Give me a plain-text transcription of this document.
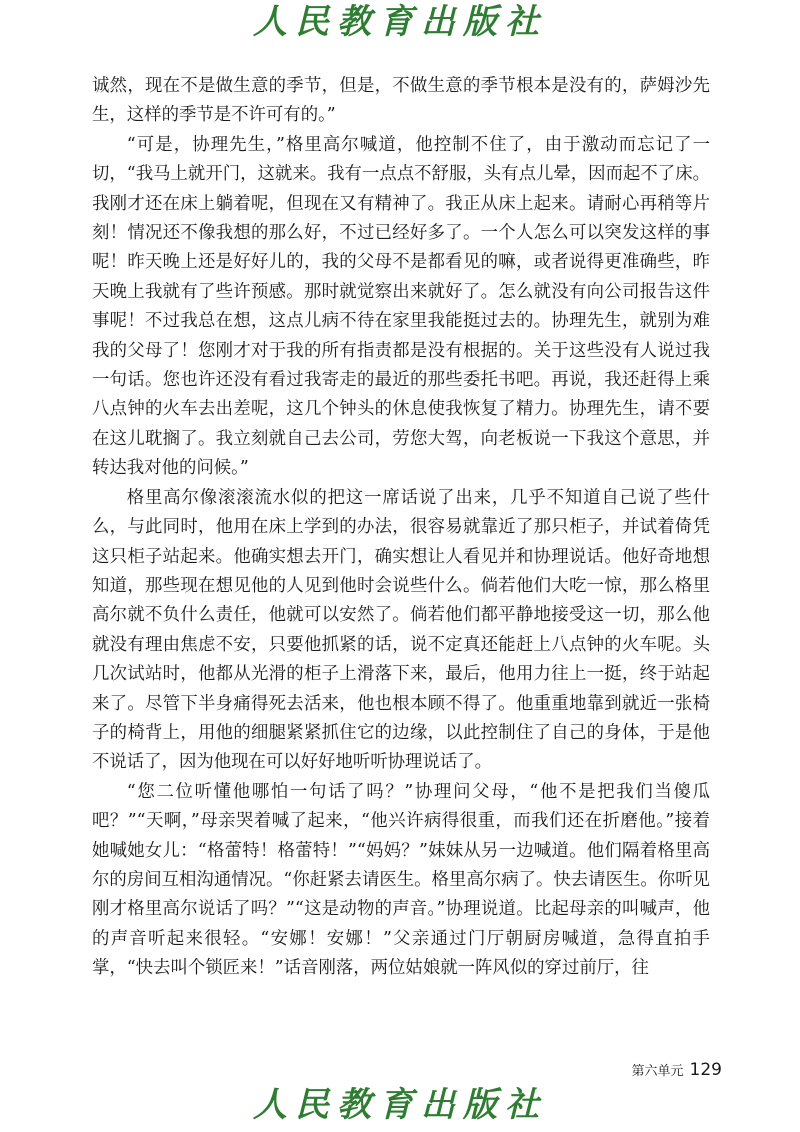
人民教育出版社

诚然，现在不是做生意的季节，但是，不做生意的季节根本是没有的，萨姆沙先生，这样的季节是不许可有的。”

“可是，协理先生，”格里高尔喊道，他控制不住了，由于激动而忘记了一切，“我马上就开门，这就来。我有一点点不舒服，头有点儿晕，因而起不了床。我刚才还在床上躺着呢，但现在又有精神了。我正从床上起来。请耐心再稍等片刻！情况还不像我想的那么好，不过已经好多了。一个人怎么可以突发这样的事呢！昨天晚上还是好好儿的，我的父母不是都看见的嘛，或者说得更准确些，昨天晚上我就有了些许预感。那时就觉察出来就好了。怎么就没有向公司报告这件事呢！不过我总在想，这点儿病不待在家里我能挺过去的。协理先生，就别为难我的父母了！您刚才对于我的所有指责都是没有根据的。关于这些没有人说过我一句话。您也许还没有看过我寄走的最近的那些委托书吧。再说，我还赶得上乘八点钟的火车去出差呢，这几个钟头的休息使我恢复了精力。协理先生，请不要在这儿耽搁了。我立刻就自己去公司，劳您大驾，向老板说一下我这个意思，并转达我对他的问候。”

格里高尔像滚滚流水似的把这一席话说了出来，几乎不知道自己说了些什么，与此同时，他用在床上学到的办法，很容易就靠近了那只柜子，并试着倚凭这只柜子站起来。他确实想去开门，确实想让人看见并和协理说话。他好奇地想知道，那些现在想见他的人见到他时会说些什么。倘若他们大吃一惊，那么格里高尔就不负什么责任，他就可以安然了。倘若他们都平静地接受这一切，那么他就没有理由焦虑不安，只要他抓紧的话，说不定真还能赶上八点钟的火车呢。头几次试站时，他都从光滑的柜子上滑落下来，最后，他用力往上一挺，终于站起来了。尽管下半身痛得死去活来，他也根本顾不得了。他重重地靠到就近一张椅子的椅背上，用他的细腿紧紧抓住它的边缘，以此控制住了自己的身体，于是他不说话了，因为他现在可以好好地听听协理说话了。

“您二位听懂他哪怕一句话了吗？”协理问父母，“他不是把我们当傻瓜吧？”“天啊，”母亲哭着喊了起来，“他兴许病得很重，而我们还在折磨他。”接着她喊她女儿：“格蕾特！格蕾特！”“妈妈？”妹妹从另一边喊道。他们隔着格里高尔的房间互相沟通情况。“你赶紧去请医生。格里高尔病了。快去请医生。你听见刚才格里高尔说话了吗？”“这是动物的声音。”协理说道。比起母亲的叫喊声，他的声音听起来很轻。“安娜！安娜！”父亲通过门厅朝厨房喊道，急得直拍手掌，“快去叫个锁匠来！”话音刚落，两位姑娘就一阵风似的穿过前厅，往

第六单元 129
人民教育出版社
